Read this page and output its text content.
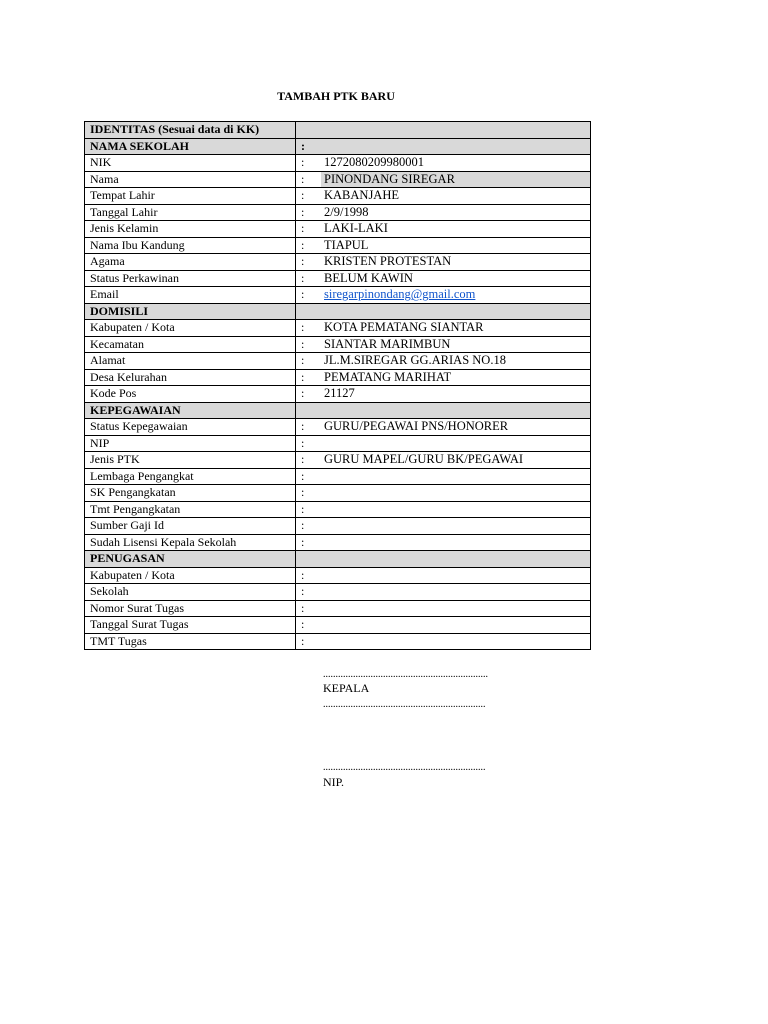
TAMBAH PTK BARU
IDENTITAS (Sesuai data di KK)	
NAMA SEKOLAH	:
NIK	: 1272080209980001
Nama	: PINONDANG SIREGAR
Tempat Lahir	: KABANJAHE
Tanggal Lahir	: 2/9/1998
Jenis Kelamin	: LAKI-LAKI
Nama Ibu Kandung	: TIAPUL
Agama	: KRISTEN PROTESTAN
Status Perkawinan	: BELUM KAWIN
Email	: siregarpinondang@gmail.com
DOMISILI	
Kabupaten / Kota	: KOTA PEMATANG SIANTAR
Kecamatan	: SIANTAR MARIMBUN
Alamat	: JL.M.SIREGAR GG.ARIAS NO.18
Desa Kelurahan	: PEMATANG MARIHAT
Kode Pos	: 21127
KEPEGAWAIAN	
Status Kepegawaian	: GURU/PEGAWAI PNS/HONORER
NIP	:
Jenis PTK	: GURU MAPEL/GURU BK/PEGAWAI
Lembaga Pengangkat	:
SK Pengangkatan	:
Tmt Pengangkatan	:
Sumber Gaji Id	:
Sudah Lisensi Kepala Sekolah	:
PENUGASAN	
Kabupaten / Kota	:
Sekolah	:
Nomor Surat Tugas	:
Tanggal Surat Tugas	:
TMT Tugas	:
..................................................................
KEPALA
.................................................................
.................................................................
NIP.
